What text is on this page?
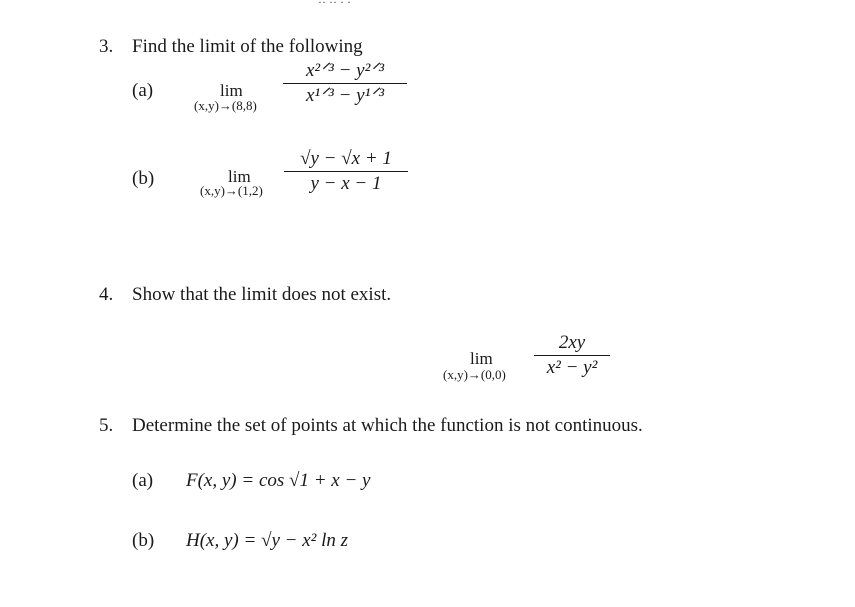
3. Find the limit of the following
(a)	lim
(x,y)→(8,8)
x²ᐟ³ − y²ᐟ³
x¹ᐟ³ − y¹ᐟ³
(b)	lim
(x,y)→(1,2)
√y − √x + 1
y − x − 1
4. Show that the limit does not exist.
lim
(x,y)→(0,0)
2xy
x² − y²
5. Determine the set of points at which the function is not continuous.
(a) F(x, y) = cos √1 + x − y
(b) H(x, y) = √y − x² ln z
